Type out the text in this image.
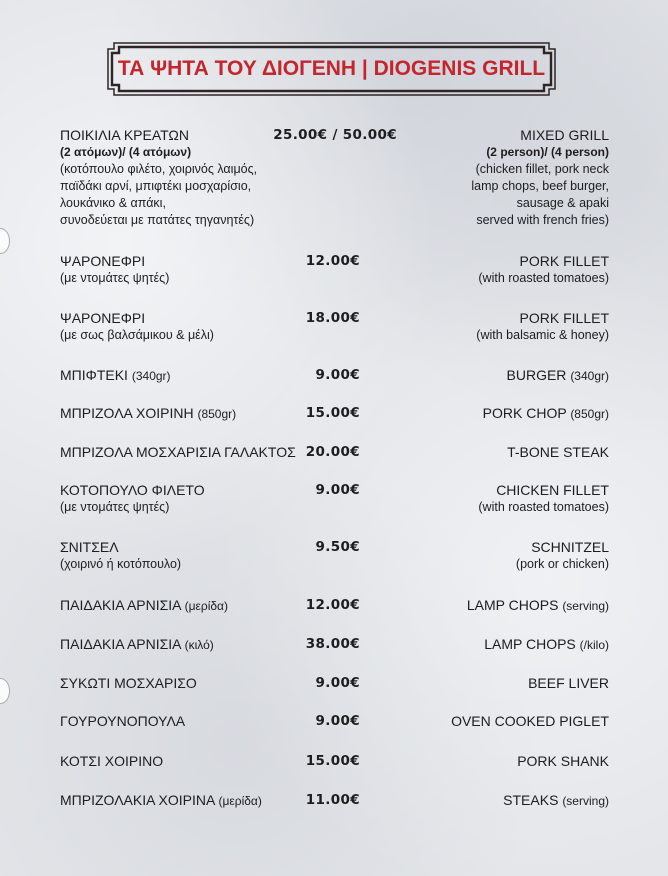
ΤΑ ΨΗΤΑ ΤΟΥ ΔΙΟΓΕΝΗ | DIOGENIS GRILL
ΠΟΙΚΙΛΙΑ ΚΡΕΑΤΩΝ	25.00€ / 50.00€	MIXED GRILL
(2 ατόμων)/ (4 ατόμων)	(2 person)/ (4 person)
(κοτόπουλο φιλέτο, χοιρινός λαιμός,	(chicken fillet, pork neck
παϊδάκι αρνί, μπιφτέκι μοσχαρίσιο,	lamp chops, beef burger,
λουκάνικο & απάκι,	sausage & apaki
συνοδεύεται με πατάτες τηγανητές)	served with french fries)
ΨΑΡΟΝΕΦΡΙ	12.00€	PORK FILLET
(με ντομάτες ψητές)	(with roasted tomatoes)
ΨΑΡΟΝΕΦΡΙ	18.00€	PORK FILLET
(με σως βαλσάμικου & μέλι)	(with balsamic & honey)
ΜΠΙΦΤΕΚΙ (340gr)	9.00€	BURGER (340gr)
ΜΠΡΙΖΟΛΑ ΧΟΙΡΙΝΗ (850gr)	15.00€	PORK CHOP (850gr)
ΜΠΡΙΖΟΛΑ ΜΟΣΧΑΡΙΣΙΑ ΓΑΛΑΚΤΟΣ 20.00€	T-BONE STEAK
ΚΟΤΟΠΟΥΛΟ ΦΙΛΕΤΟ	9.00€	CHICKEN FILLET
(με ντομάτες ψητές)	(with roasted tomatoes)
ΣΝΙΤΣΕΛ	9.50€	SCHNITZEL
(χοιρινό ή κοτόπουλο)	(pork or chicken)
ΠΑΙΔΑΚΙΑ ΑΡΝΙΣΙΑ (μερίδα)	12.00€	LAMP CHOPS (serving)
ΠΑΙΔΑΚΙΑ ΑΡΝΙΣΙΑ (κιλό)	38.00€	LAMP CHOPS (/kilo)
ΣΥΚΩΤΙ ΜΟΣΧΑΡΙΣΟ	9.00€	BEEF LIVER
ΓΟΥΡΟΥΝΟΠΟΥΛΑ	9.00€	OVEN COOKED PIGLET
ΚΟΤΣΙ ΧΟΙΡΙΝΟ	15.00€	PORK SHANK
ΜΠΡΙΖΟΛΑΚΙΑ ΧΟΙΡΙΝΑ (μερίδα)	11.00€	STEAKS (serving)
